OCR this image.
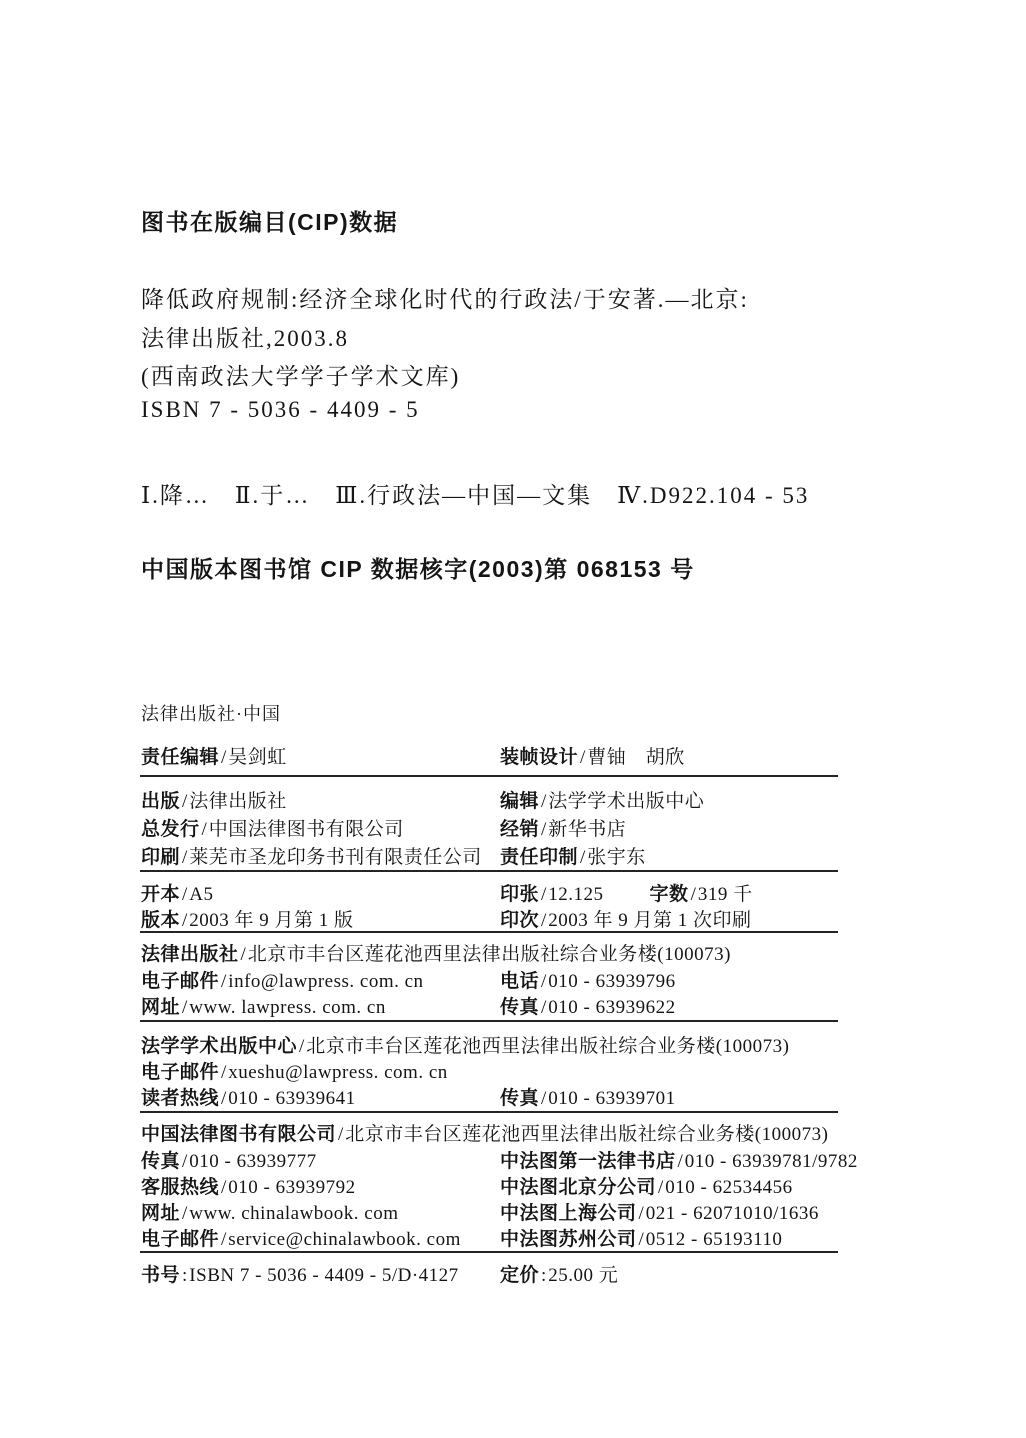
图书在版编目(CIP)数据
降低政府规制:经济全球化时代的行政法/于安著.—北京:
法律出版社,2003.8
(西南政法大学学子学术文库)
ISBN 7 - 5036 - 4409 - 5
Ⅰ.降…　Ⅱ.于…　Ⅲ.行政法—中国—文集　Ⅳ.D922.104 - 53
中国版本图书馆 CIP 数据核字(2003)第 068153 号
法律出版社·中国
责任编辑 / 吴剑虹	装帧设计 / 曹铀　胡欣
出版 / 法律出版社	编辑 / 法学学术出版中心
总发行 / 中国法律图书有限公司	经销 / 新华书店
印刷 / 莱芜市圣龙印务书刊有限责任公司 责任印制 / 张宇东
开本 / A5	印张 / 12.125 字数 / 319 千
版本 / 2003 年 9 月第 1 版	印次 / 2003 年 9 月第 1 次印刷
法律出版社 / 北京市丰台区莲花池西里法律出版社综合业务楼(100073)
电子邮件 / info@lawpress. com. cn	电话 / 010 - 63939796
网址 / www. lawpress. com. cn	传真 / 010 - 63939622
法学学术出版中心 / 北京市丰台区莲花池西里法律出版社综合业务楼(100073)
电子邮件 / xueshu@lawpress. com. cn
读者热线 / 010 - 63939641	传真 / 010 - 63939701
中国法律图书有限公司 / 北京市丰台区莲花池西里法律出版社综合业务楼(100073)
传真 / 010 - 63939777	中法图第一法律书店 / 010 - 63939781/9782
客服热线 / 010 - 63939792	中法图北京分公司 / 010 - 62534456
网址 / www. chinalawbook. com	中法图上海公司 / 021 - 62071010/1636
电子邮件 / service@chinalawbook. com 中法图苏州公司 / 0512 - 65193110
书号 : ISBN 7 - 5036 - 4409 - 5/D·4127 定价 : 25.00 元
